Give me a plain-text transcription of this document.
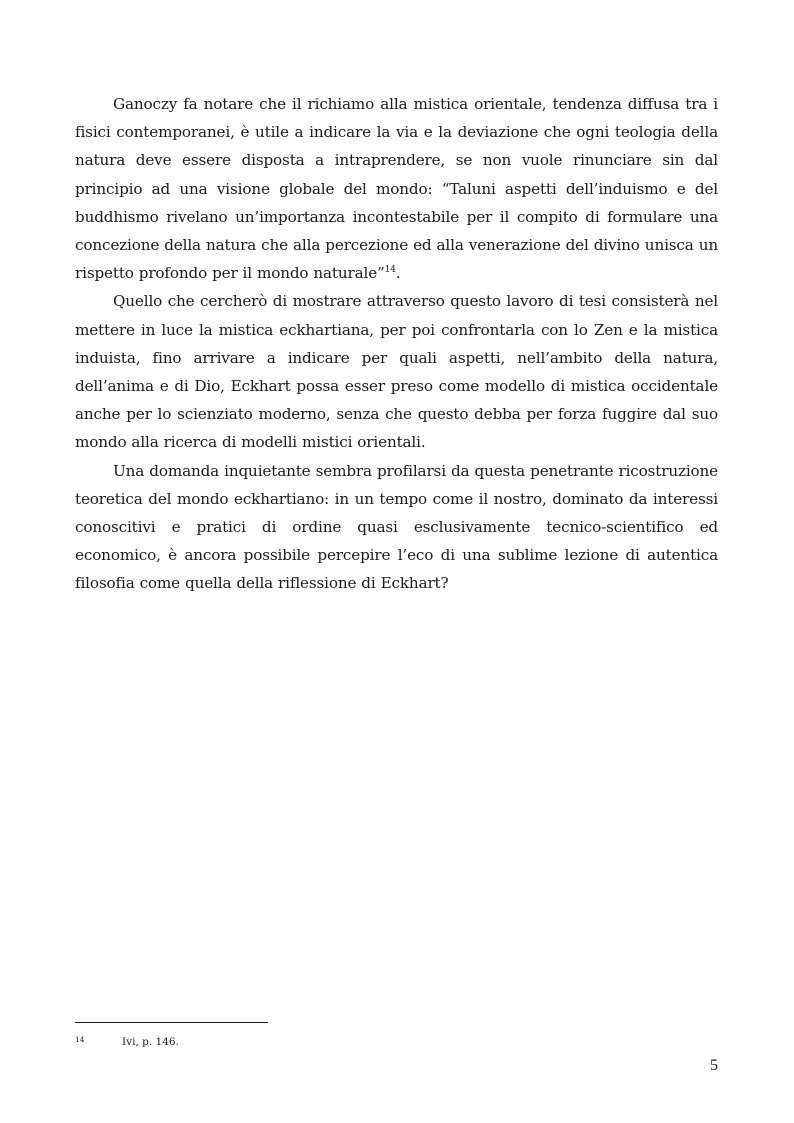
Ganoczy fa notare che il richiamo alla mistica orientale, tendenza diffusa tra i fisici contemporanei, è utile a indicare la via e la deviazione che ogni teologia della natura deve essere disposta a intraprendere, se non vuole rinunciare sin dal principio ad una visione globale del mondo: “Taluni aspetti dell’induismo e del buddhismo rivelano un’importanza incontestabile per il compito di formulare una concezione della natura che alla percezione ed alla venerazione del divino unisca un rispetto profondo per il mondo naturale”$^{14}$.

Quello che cercherò di mostrare attraverso questo lavoro di tesi consisterà nel mettere in luce la mistica eckhartiana, per poi confrontarla con lo Zen e la mistica induista, fino arrivare a indicare per quali aspetti, nell’ambito della natura, dell’anima e di Dio, Eckhart possa esser preso come modello di mistica occidentale anche per lo scienziato moderno, senza che questo debba per forza fuggire dal suo mondo alla ricerca di modelli mistici orientali.

Una domanda inquietante sembra profilarsi da questa penetrante ricostruzione teoretica del mondo eckhartiano: in un tempo come il nostro, dominato da interessi conoscitivi e pratici di ordine quasi esclusivamente tecnico-scientifico ed economico, è ancora possibile percepire l’eco di una sublime lezione di autentica filosofia come quella della riflessione di Eckhart?

14	Ivi, p. 146.
5
